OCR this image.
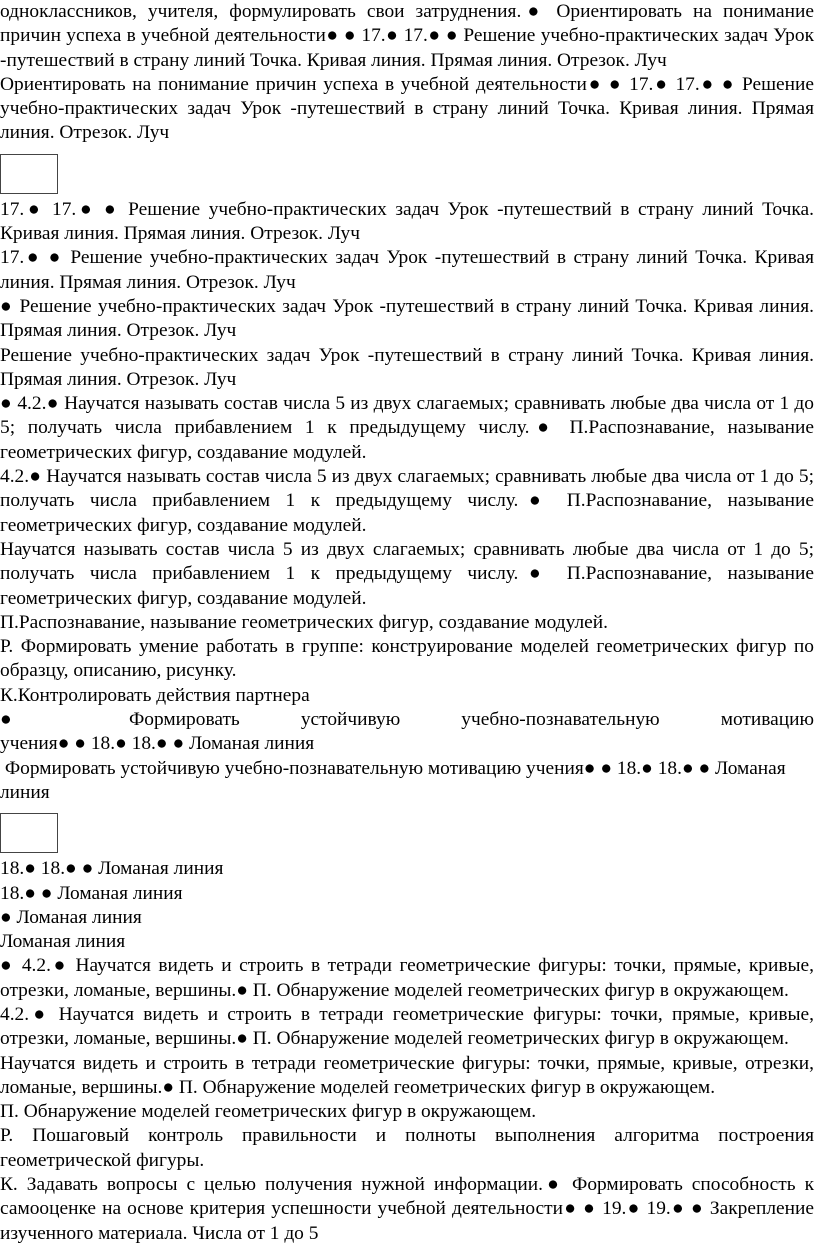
одноклассников, учителя, формулировать свои затруднения.● Ориентировать на понимание причин успеха в учебной деятельности● ● 17.● 17.● ● Решение учебно-практических задач Урок -путешествий в страну линий Точка. Кривая линия. Прямая линия. Отрезок. Луч
Ориентировать на понимание причин успеха в учебной деятельности● ● 17.● 17.● ● Решение учебно-практических задач Урок -путешествий в страну линий Точка. Кривая линия. Прямая линия. Отрезок. Луч
17.● 17.● ● Решение учебно-практических задач Урок -путешествий в страну линий Точка. Кривая линия. Прямая линия. Отрезок. Луч
17.● ● Решение учебно-практических задач Урок -путешествий в страну линий Точка. Кривая линия. Прямая линия. Отрезок. Луч
● Решение учебно-практических задач Урок -путешествий в страну линий Точка. Кривая линия. Прямая линия. Отрезок. Луч
Решение учебно-практических задач Урок -путешествий в страну линий Точка. Кривая линия. Прямая линия. Отрезок. Луч
● 4.2.● Научатся называть состав числа 5 из двух слагаемых; сравнивать любые два числа от 1 до 5; получать числа прибавлением 1 к предыдущему числу.● П.Распознавание, называние геометрических фигур, создавание модулей.
4.2.● Научатся называть состав числа 5 из двух слагаемых; сравнивать любые два числа от 1 до 5; получать числа прибавлением 1 к предыдущему числу.● П.Распознавание, называние геометрических фигур, создавание модулей.
Научатся называть состав числа 5 из двух слагаемых; сравнивать любые два числа от 1 до 5; получать числа прибавлением 1 к предыдущему числу.● П.Распознавание, называние геометрических фигур, создавание модулей.
П.Распознавание, называние геометрических фигур, создавание модулей.
Р. Формировать умение работать в группе: конструирование моделей геометрических фигур по образцу, описанию, рисунку.
К.Контролировать действия партнера
●	Формировать	устойчивую	учебно-познавательную	мотивацию
учения● ● 18.● 18.● ● Ломаная линия
Формировать устойчивую учебно-познавательную мотивацию учения● ● 18.● 18.● ● Ломаная линия
18.● 18.● ● Ломаная линия
18.● ● Ломаная линия
● Ломаная линия
Ломаная линия
● 4.2.● Научатся видеть и строить в тетради геометрические фигуры: точки, прямые, кривые, отрезки, ломаные, вершины.● П. Обнаружение моделей геометрических фигур в окружающем.
4.2.● Научатся видеть и строить в тетради геометрические фигуры: точки, прямые, кривые, отрезки, ломаные, вершины.● П. Обнаружение моделей геометрических фигур в окружающем.
Научатся видеть и строить в тетради геометрические фигуры: точки, прямые, кривые, отрезки, ломаные, вершины.● П. Обнаружение моделей геометрических фигур в окружающем.
П. Обнаружение моделей геометрических фигур в окружающем.
Р. Пошаговый контроль правильности и полноты выполнения алгоритма построения геометрической фигуры.
К. Задавать вопросы с целью получения нужной информации.● Формировать способность к самооценке на основе критерия успешности учебной деятельности● ● 19.● 19.● ● Закрепление изученного материала. Числа от 1 до 5
